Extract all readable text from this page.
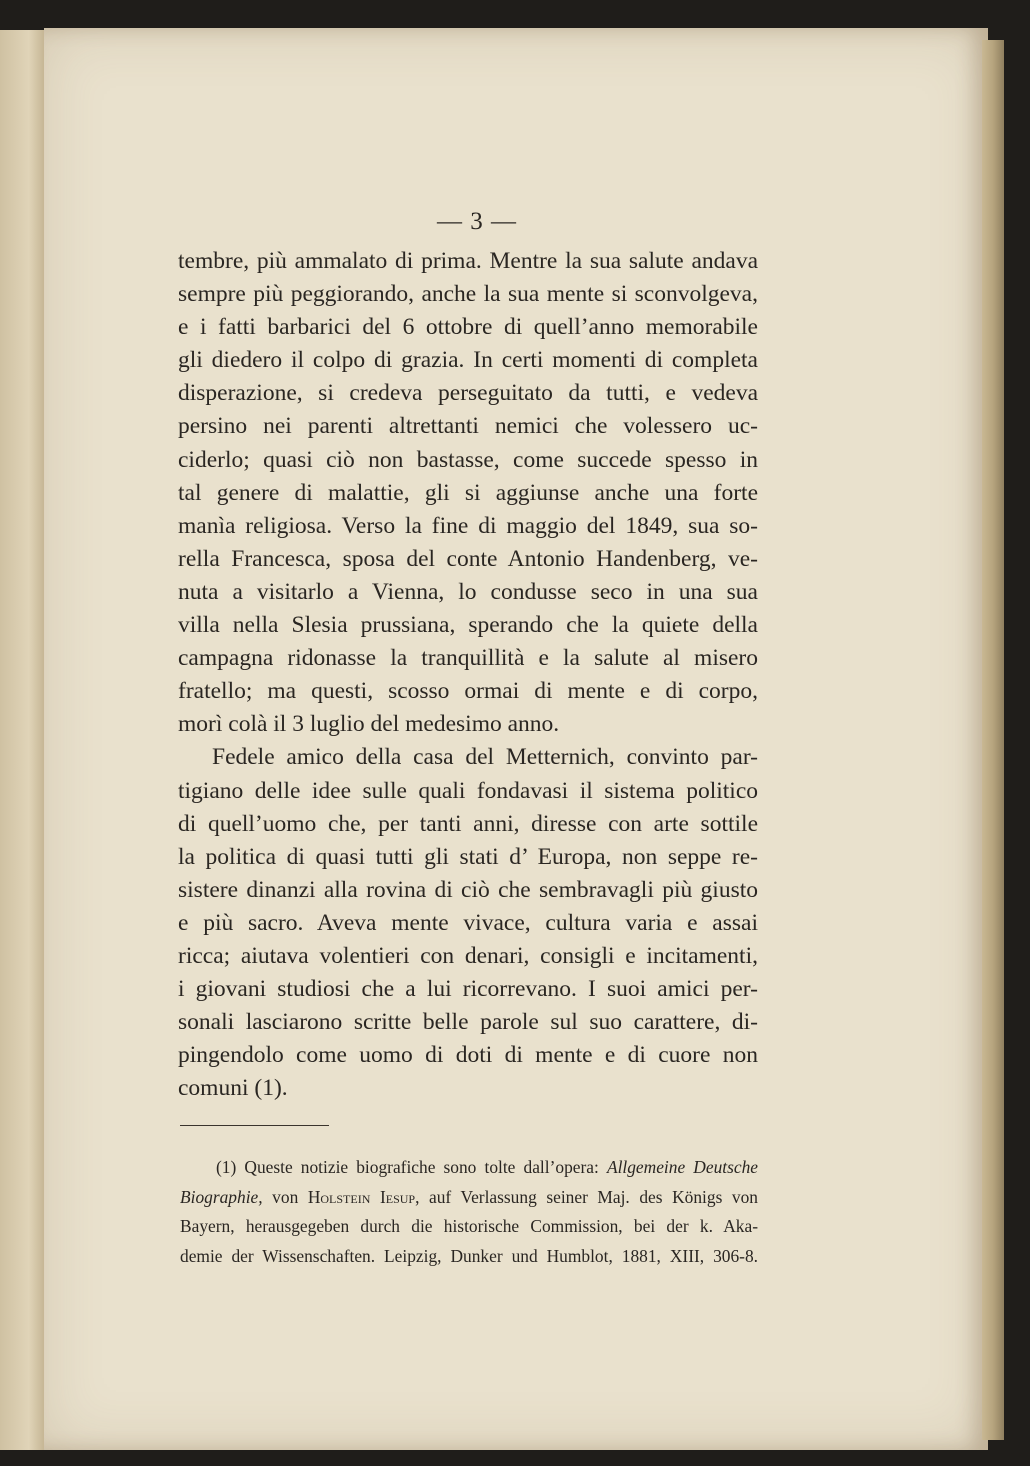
— 3 —
tembre, più ammalato di prima. Mentre la sua salute andava
sempre più peggiorando, anche la sua mente si sconvolgeva,
e i fatti barbarici del 6 ottobre di quell’anno memorabile
gli diedero il colpo di grazia. In certi momenti di completa
disperazione, si credeva perseguitato da tutti, e vedeva
persino nei parenti altrettanti nemici che volessero uc-
ciderlo; quasi ciò non bastasse, come succede spesso in
tal genere di malattie, gli si aggiunse anche una forte
manìa religiosa. Verso la fine di maggio del 1849, sua so-
rella Francesca, sposa del conte Antonio Handenberg, ve-
nuta a visitarlo a Vienna, lo condusse seco in una sua
villa nella Slesia prussiana, sperando che la quiete della
campagna ridonasse la tranquillità e la salute al misero
fratello; ma questi, scosso ormai di mente e di corpo,
morì colà il 3 luglio del medesimo anno.
Fedele amico della casa del Metternich, convinto par-
tigiano delle idee sulle quali fondavasi il sistema politico
di quell’uomo che, per tanti anni, diresse con arte sottile
la politica di quasi tutti gli stati d’ Europa, non seppe re-
sistere dinanzi alla rovina di ciò che sembravagli più giusto
e più sacro. Aveva mente vivace, cultura varia e assai
ricca; aiutava volentieri con denari, consigli e incitamenti,
i giovani studiosi che a lui ricorrevano. I suoi amici per-
sonali lasciarono scritte belle parole sul suo carattere, di-
pingendolo come uomo di doti di mente e di cuore non
comuni (1).
(1) Queste notizie biografiche sono tolte dall’opera: Allgemeine Deutsche
Biographie, von Holstein Iesup, auf Verlassung seiner Maj. des Königs von
Bayern, herausgegeben durch die historische Commission, bei der k. Aka-
demie der Wissenschaften. Leipzig, Dunker und Humblot, 1881, XIII, 306-8.
